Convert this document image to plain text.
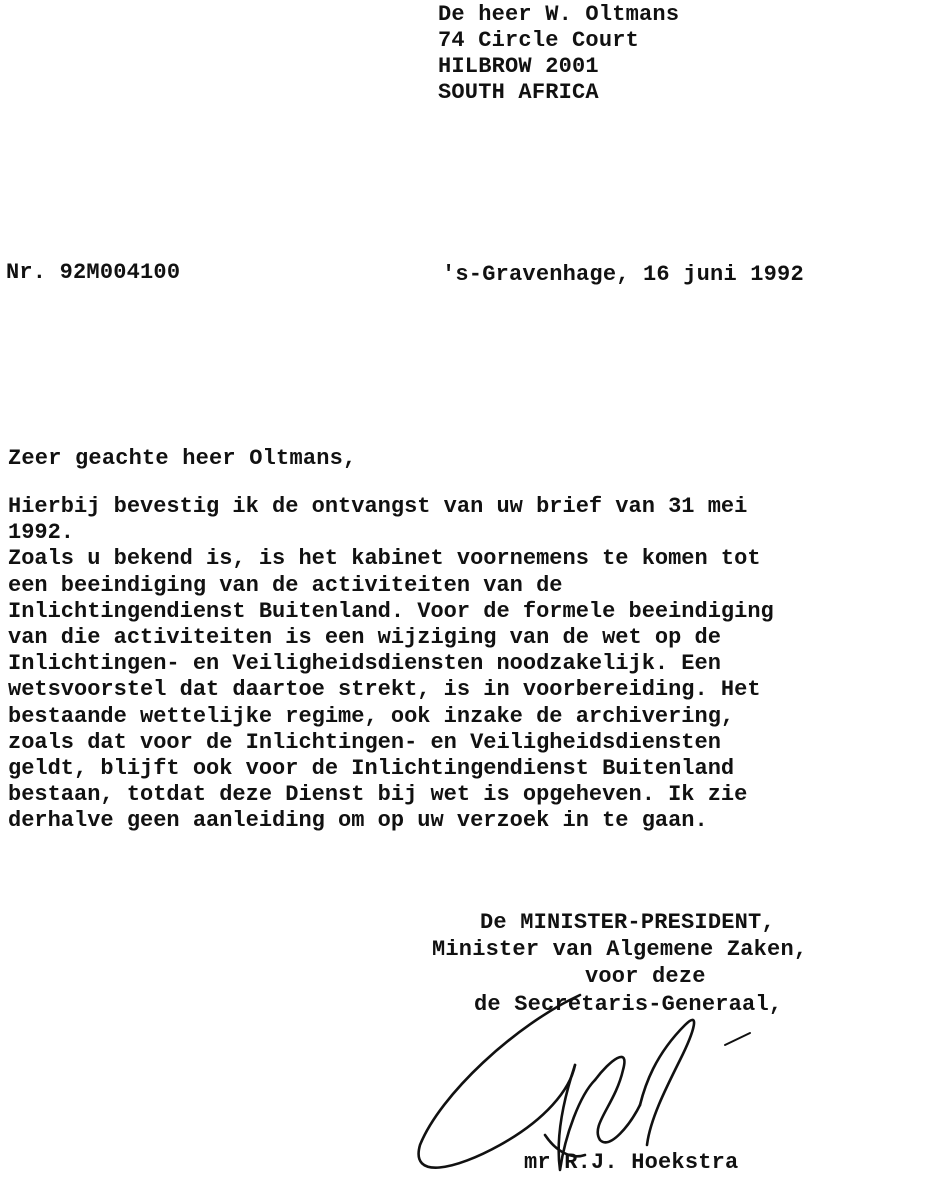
De heer W. Oltmans
74 Circle Court
HILBROW 2001
SOUTH AFRICA
Nr. 92M004100	's-Gravenhage, 16 juni 1992
Zeer geachte heer Oltmans,

Hierbij bevestig ik de ontvangst van uw brief van 31 mei

1992.

Zoals u bekend is, is het kabinet voornemens te komen tot

een beeindiging van de activiteiten van de

Inlichtingendienst Buitenland. Voor de formele beeindiging

van die activiteiten is een wijziging van de wet op de

Inlichtingen- en Veiligheidsdiensten noodzakelijk. Een

wetsvoorstel dat daartoe strekt, is in voorbereiding. Het

bestaande wettelijke regime, ook inzake de archivering,

zoals dat voor de Inlichtingen- en Veiligheidsdiensten

geldt, blijft ook voor de Inlichtingendienst Buitenland

bestaan, totdat deze Dienst bij wet is opgeheven. Ik zie

derhalve geen aanleiding om op uw verzoek in te gaan.

De MINISTER-PRESIDENT,
Minister van Algemene Zaken,
voor deze
de Secretaris-Generaal,
mr R.J. Hoekstra
